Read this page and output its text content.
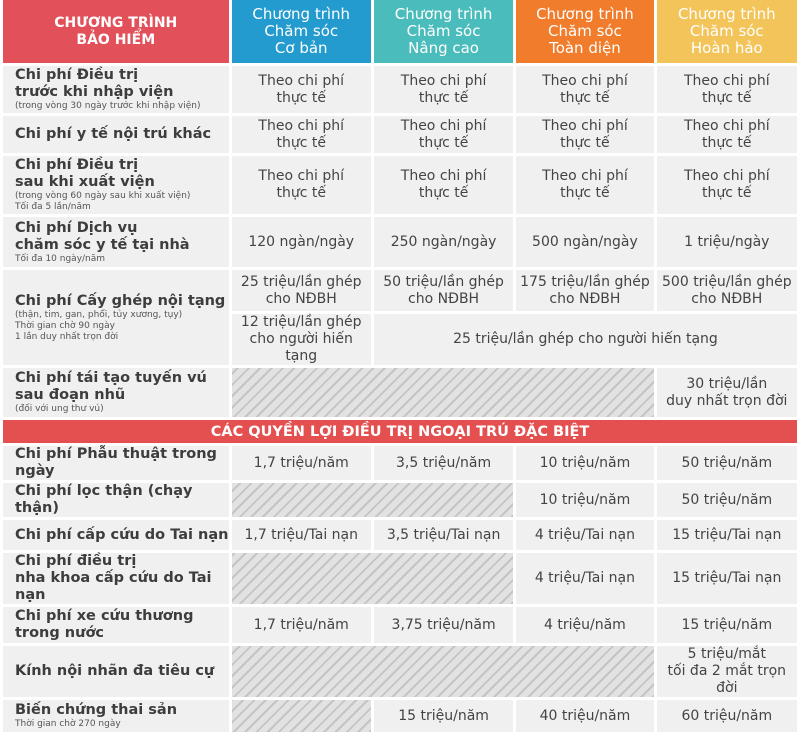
CHƯƠNG TRÌNH
BẢO HIỂM	Chương trình
Chăm sóc
Cơ bản	Chương trình
Chăm sóc
Nâng cao	Chương trình
Chăm sóc
Toàn diện	Chương trình
Chăm sóc
Hoàn hảo

Chi phí Điều trị
trước khi nhập viện
(trong vòng 30 ngày trước khi nhập viện)	Theo chi phí
thực tế	Theo chi phí
thực tế	Theo chi phí
thực tế	Theo chi phí
thực tế

Chi phí y tế nội trú khác	Theo chi phí
thực tế	Theo chi phí
thực tế	Theo chi phí
thực tế	Theo chi phí
thực tế

Chi phí Điều trị
sau khi xuất viện
(trong vòng 60 ngày sau khi xuất viện)
Tối đa 5 lần/năm	Theo chi phí
thực tế	Theo chi phí
thực tế	Theo chi phí
thực tế	Theo chi phí
thực tế

Chi phí Dịch vụ
chăm sóc y tế tại nhà
Tối đa 10 ngày/năm	120 ngàn/ngày	250 ngàn/ngày	500 ngàn/ngày	1 triệu/ngày

Chi phí Cấy ghép nội tạng
(thận, tim, gan, phổi, tủy xương, tụy)
Thời gian chờ 90 ngày
1 lần duy nhất trọn đời	25 triệu/lần ghép
cho NĐBH	50 triệu/lần ghép
cho NĐBH	175 triệu/lần ghép
cho NĐBH	500 triệu/lần ghép
cho NĐBH

	12 triệu/lần ghép
cho người hiến tạng	25 triệu/lần ghép cho người hiến tạng		

Chi phí tái tạo tuyến vú
sau đoạn nhũ
(đối với ung thư vú)				30 triệu/lần
duy nhất trọn đời

CÁC QUYỀN LỢI ĐIỀU TRỊ NGOẠI TRÚ ĐẶC BIỆT				

Chi phí Phẫu thuật trong ngày	1,7 triệu/năm	3,5 triệu/năm	10 triệu/năm	50 triệu/năm

Chi phí lọc thận (chạy thận)			10 triệu/năm	50 triệu/năm

Chi phí cấp cứu do Tai nạn	1,7 triệu/Tai nạn	3,5 triệu/Tai nạn	4 triệu/Tai nạn	15 triệu/Tai nạn

Chi phí điều trị
nha khoa cấp cứu do Tai nạn			4 triệu/Tai nạn	15 triệu/Tai nạn

Chi phí xe cứu thương
trong nước	1,7 triệu/năm	3,75 triệu/năm	4 triệu/năm	15 triệu/năm

Kính nội nhãn đa tiêu cự				5 triệu/mắt
tối đa 2 mắt trọn đời

Biến chứng thai sản
Thời gian chờ 270 ngày		15 triệu/năm	40 triệu/năm	60 triệu/năm
